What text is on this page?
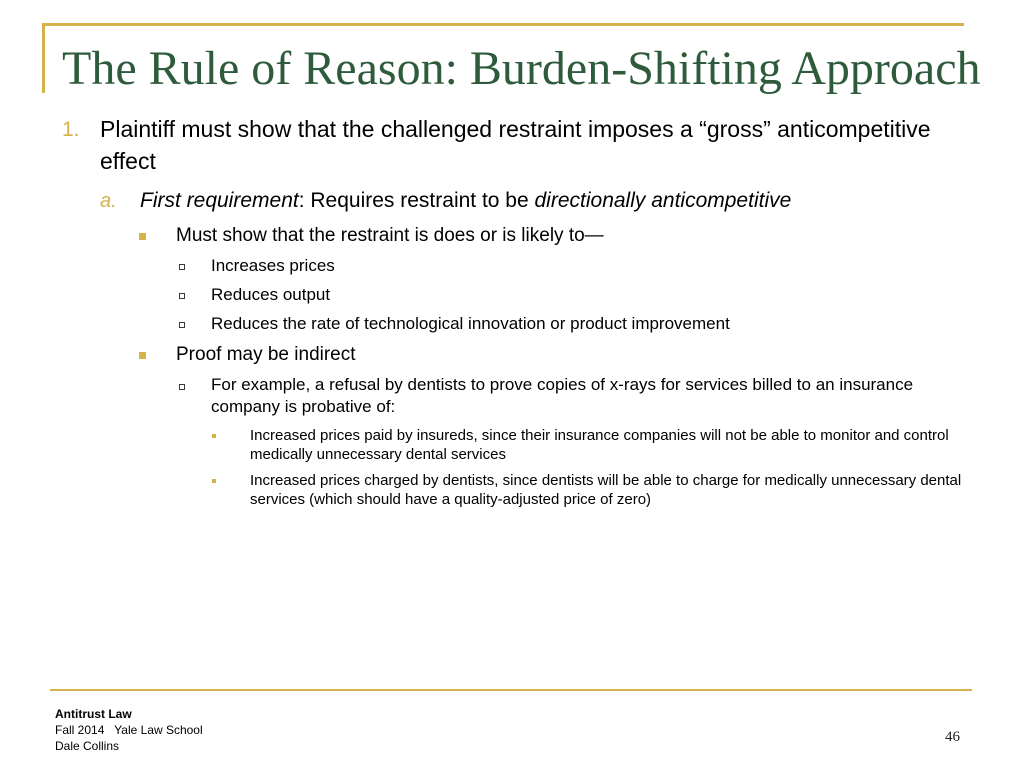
The Rule of Reason: Burden-Shifting Approach
1. Plaintiff must show that the challenged restraint imposes a “gross” anticompetitive effect
a. First requirement: Requires restraint to be directionally anticompetitive
Must show that the restraint is does or is likely to—
Increases prices
Reduces output
Reduces the rate of technological innovation or product improvement
Proof may be indirect
For example, a refusal by dentists to prove copies of x-rays for services billed to an insurance company is probative of:
Increased prices paid by insureds, since their insurance companies will not be able to monitor and control medically unnecessary dental services
Increased prices charged by dentists, since dentists will be able to charge for medically unnecessary dental services (which should have a quality-adjusted price of zero)
Antitrust Law
Fall 2014   Yale Law School
Dale Collins
46
